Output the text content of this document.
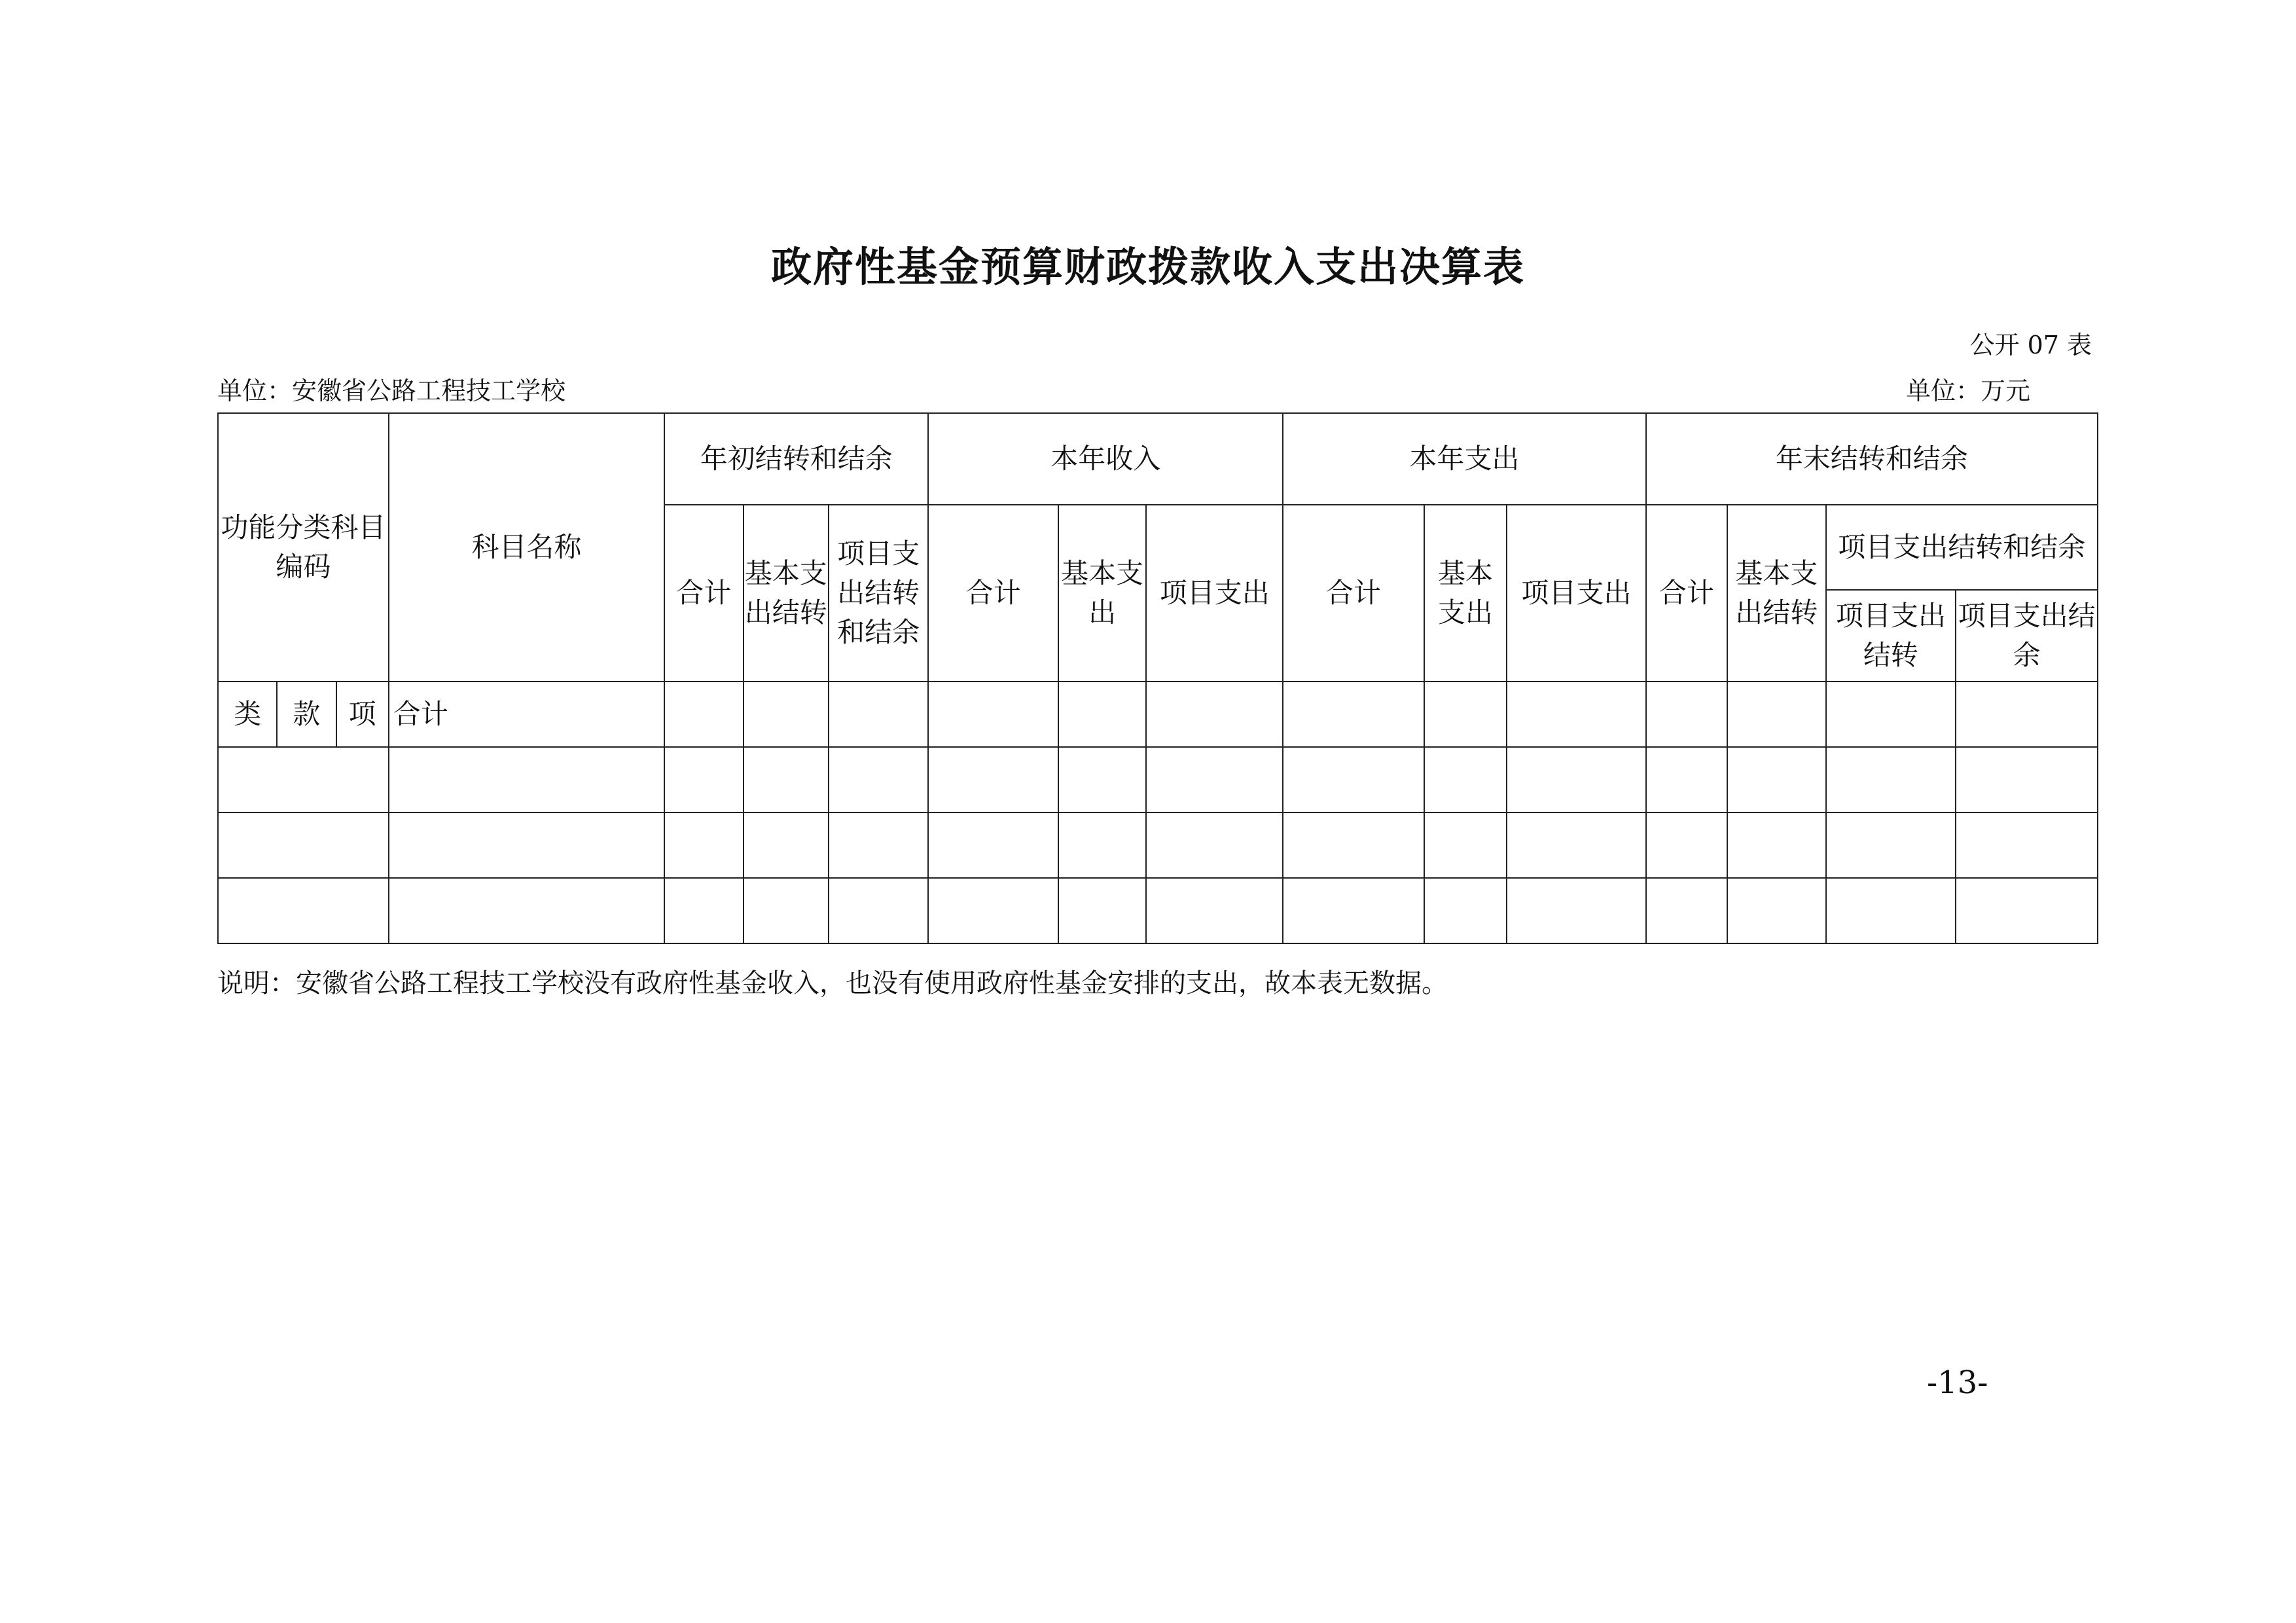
政府性基金预算财政拨款收入支出决算表
公开 07 表
单位：安徽省公路工程技工学校	单位：万元
功能分类科目编码			科目名称	年初结转和结余			本年收入			本年支出			年末结转和结余			
				合计	基本支出结转	项目支出结转和结余	合计	基本支出	项目支出	合计	基本支出	项目支出	合计	基本支出结转	项目支出结转和结余	
															项目支出结转	项目支出结余
类	款	项	合计													

说明：安徽省公路工程技工学校没有政府性基金收入，也没有使用政府性基金安排的支出，故本表无数据。
-13-
